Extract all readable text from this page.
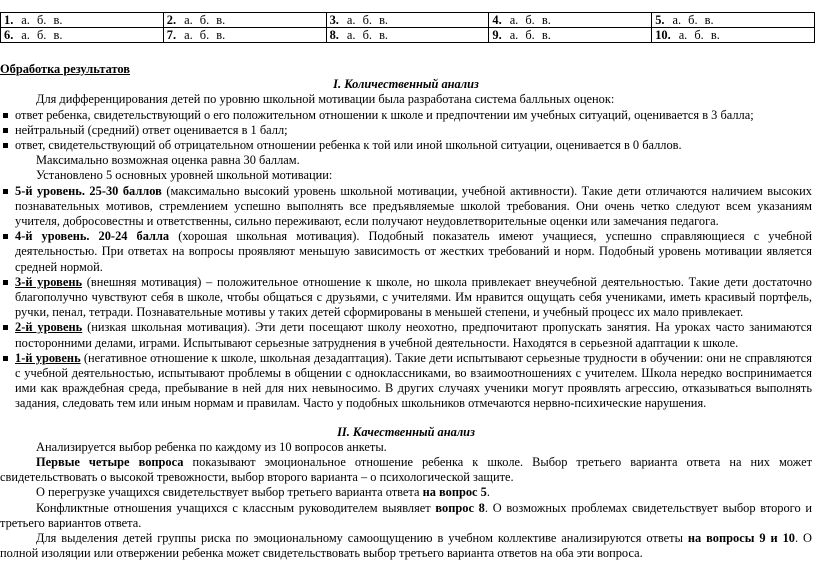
1. а. б. в.	2. а. б. в.	3. а. б. в.	4. а. б. в.	5. а. б. в.
6. а. б. в.	7. а. б. в.	8. а. б. в.	9. а. б. в.	10. а. б. в.

Обработка результатов

I. Количественный анализ

Для дифференцирования детей по уровню школьной мотивации была разработана система балльных оценок:

ответ ребенка, свидетельствующий о его положительном отношении к школе и предпочтении им учебных ситуаций, оценивается в 3 балла;
нейтральный (средний) ответ оценивается в 1 балл;
ответ, свидетельствующий об отрицательном отношении ребенка к той или иной школьной ситуации, оценивается в 0 баллов.

Максимально возможная оценка равна 30 баллам.

Установлено 5 основных уровней школьной мотивации:

5-й уровень. 25-30 баллов (максимально высокий уровень школьной мотивации, учебной активности). Такие дети отличаются наличием высоких познавательных мотивов, стремлением успешно выполнять все предъявляемые школой требования. Они очень четко следуют всем указаниям учителя, добросовестны и ответственны, сильно переживают, если получают неудовлетворительные оценки или замечания педагога.
4-й уровень. 20-24 балла (хорошая школьная мотивация). Подобный показатель имеют учащиеся, успешно справляющиеся с учебной деятельностью. При ответах на вопросы проявляют меньшую зависимость от жестких требований и норм. Подобный уровень мотивации является средней нормой.
3-й уровень (внешняя мотивация) – положительное отношение к школе, но школа привлекает внеучебной деятельностью. Такие дети достаточно благополучно чувствуют себя в школе, чтобы общаться с друзьями, с учителями. Им нравится ощущать себя учениками, иметь красивый портфель, ручки, пенал, тетради. Познавательные мотивы у таких детей сформированы в меньшей степени, и учебный процесс их мало привлекает.
2-й уровень (низкая школьная мотивация). Эти дети посещают школу неохотно, предпочитают пропускать занятия. На уроках часто занимаются посторонними делами, играми. Испытывают серьезные затруднения в учебной деятельности. Находятся в серьезной адаптации к школе.
1-й уровень (негативное отношение к школе, школьная дезадаптация). Такие дети испытывают серьезные трудности в обучении: они не справляются с учебной деятельностью, испытывают проблемы в общении с одноклассниками, во взаимоотношениях с учителем. Школа нередко воспринимается ими как враждебная среда, пребывание в ней для них невыносимо. В других случаях ученики могут проявлять агрессию, отказываться выполнять задания, следовать тем или иным нормам и правилам. Часто у подобных школьников отмечаются нервно-психические нарушения.

II. Качественный анализ

Анализируется выбор ребенка по каждому из 10 вопросов анкеты.

Первые четыре вопроса показывают эмоциональное отношение ребенка к школе. Выбор третьего варианта ответа на них может свидетельствовать о высокой тревожности, выбор второго варианта – о психологической защите.

О перегрузке учащихся свидетельствует выбор третьего варианта ответа на вопрос 5.

Конфликтные отношения учащихся с классным руководителем выявляет вопрос 8. О возможных проблемах свидетельствует выбор второго и третьего вариантов ответа.

Для выделения детей группы риска по эмоциональному самоощущению в учебном коллективе анализируются ответы на вопросы 9 и 10. О полной изоляции или отвержении ребенка может свидетельствовать выбор третьего варианта ответов на оба эти вопроса.
